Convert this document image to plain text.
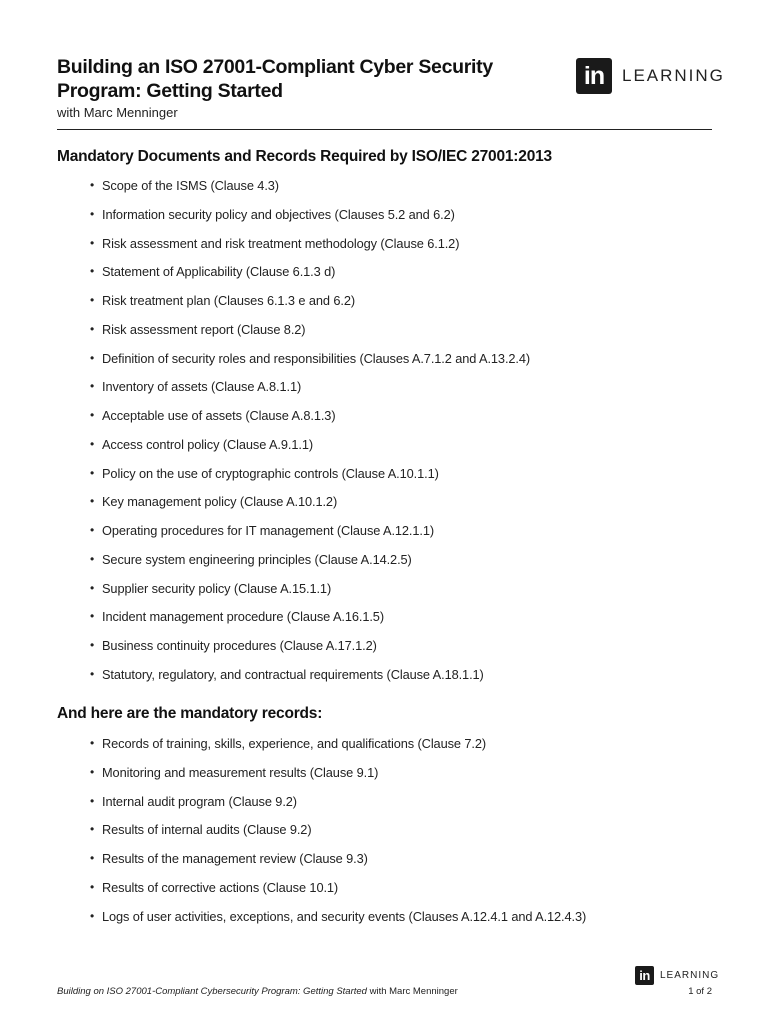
Building an ISO 27001-Compliant Cyber Security Program: Getting Started
with Marc Menninger
in	LEARNING
Mandatory Documents and Records Required by ISO/IEC 27001:2013
• Scope of the ISMS (Clause 4.3)
• Information security policy and objectives (Clauses 5.2 and 6.2)
• Risk assessment and risk treatment methodology (Clause 6.1.2)
• Statement of Applicability (Clause 6.1.3 d)
• Risk treatment plan (Clauses 6.1.3 e and 6.2)
• Risk assessment report (Clause 8.2)
• Definition of security roles and responsibilities (Clauses A.7.1.2 and A.13.2.4)
• Inventory of assets (Clause A.8.1.1)
• Acceptable use of assets (Clause A.8.1.3)
• Access control policy (Clause A.9.1.1)
• Policy on the use of cryptographic controls (Clause A.10.1.1)
• Key management policy (Clause A.10.1.2)
• Operating procedures for IT management (Clause A.12.1.1)
• Secure system engineering principles (Clause A.14.2.5)
• Supplier security policy (Clause A.15.1.1)
• Incident management procedure (Clause A.16.1.5)
• Business continuity procedures (Clause A.17.1.2)
• Statutory, regulatory, and contractual requirements (Clause A.18.1.1)
And here are the mandatory records:
• Records of training, skills, experience, and qualifications (Clause 7.2)
• Monitoring and measurement results (Clause 9.1)
• Internal audit program (Clause 9.2)
• Results of internal audits (Clause 9.2)
• Results of the management review (Clause 9.3)
• Results of corrective actions (Clause 10.1)
• Logs of user activities, exceptions, and security events (Clauses A.12.4.1 and A.12.4.3)
in	LEARNING
Building on ISO 27001-Compliant Cybersecurity Program: Getting Started with Marc Menninger	1 of 2
